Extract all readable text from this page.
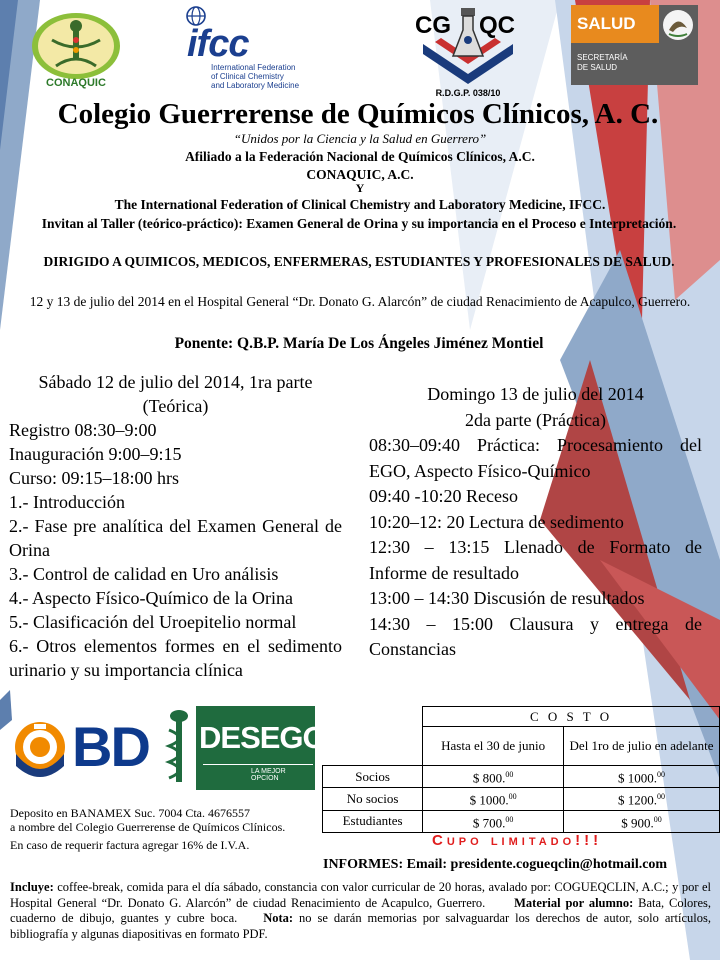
CONAQUIC
ifcc
International Federation
of Clinical Chemistry
and Laboratory Medicine
CG QC
R.D.G.P. 038/10
SALUD
SECRETARÍA
DE SALUD
Colegio Guerrerense de Químicos Clínicos, A. C.
“Unidos por la Ciencia y la Salud en Guerrero”
Afiliado a la Federación Nacional de Químicos Clínicos, A.C.
CONAQUIC, A.C.
Y
The International Federation of Clinical Chemistry and Laboratory Medicine, IFCC.
Invitan al Taller (teórico-práctico): Examen General de Orina y su importancia en el Proceso e Interpretación.
DIRIGIDO A QUIMICOS, MEDICOS, ENFERMERAS, ESTUDIANTES Y PROFESIONALES DE SALUD.
12 y 13 de julio del 2014 en el Hospital General “Dr. Donato G. Alarcón” de ciudad Renacimiento de Acapulco, Guerrero.
Ponente: Q.B.P. María De Los Ángeles Jiménez Montiel

Sábado 12 de julio del 2014, 1ra parte

(Teórica)

Registro 08:30–9:00

Inauguración 9:00–9:15

Curso: 09:15–18:00 hrs

1.- Introducción

2.- Fase pre analítica del Examen General de Orina

3.- Control de calidad en Uro análisis

4.- Aspecto Físico-Químico de la Orina

5.- Clasificación del Uroepitelio normal

6.- Otros elementos formes en el sedimento urinario y su importancia clínica

Domingo 13 de julio del 2014

2da parte (Práctica)

08:30–09:40 Práctica: Procesamiento del EGO, Aspecto Físico-Químico

09:40 -10:20 Receso

10:20–12: 20 Lectura de sedimento

12:30 – 13:15 Llenado de Formato de Informe de resultado

13:00 – 14:30 Discusión de resultados

14:30 – 15:00 Clausura y entrega de Constancias

BD DESEGO
LA MEJOR OPCION
	C O S T O	
	Hasta el 30 de junio	Del 1ro de julio en adelante
Socios	$ 800.00	$ 1000.00
No socios	$ 1000.00	$ 1200.00
Estudiantes	$ 700.00	$ 900.00
Cupo limitado!!!
Deposito en BANAMEX Suc. 7004 Cta. 4676557
a nombre del Colegio Guerrerense de Químicos Clínicos.
En caso de requerir factura agregar 16% de I.V.A.
INFORMES: Email: presidente.cogueqclin@hotmail.com
Incluye: coffee-break, comida para el día sábado, constancia con valor curricular de 20 horas, avalado por: COGUEQCLIN, A.C.; y por el Hospital General “Dr. Donato G. Alarcón” de ciudad Renacimiento de Acapulco, Guerrero. Material por alumno: Bata, Colores, cuaderno de dibujo, guantes y cubre boca. Nota: no se darán memorias por salvaguardar los derechos de autor, solo artículos, bibliografía y algunas diapositivas en formato PDF.
